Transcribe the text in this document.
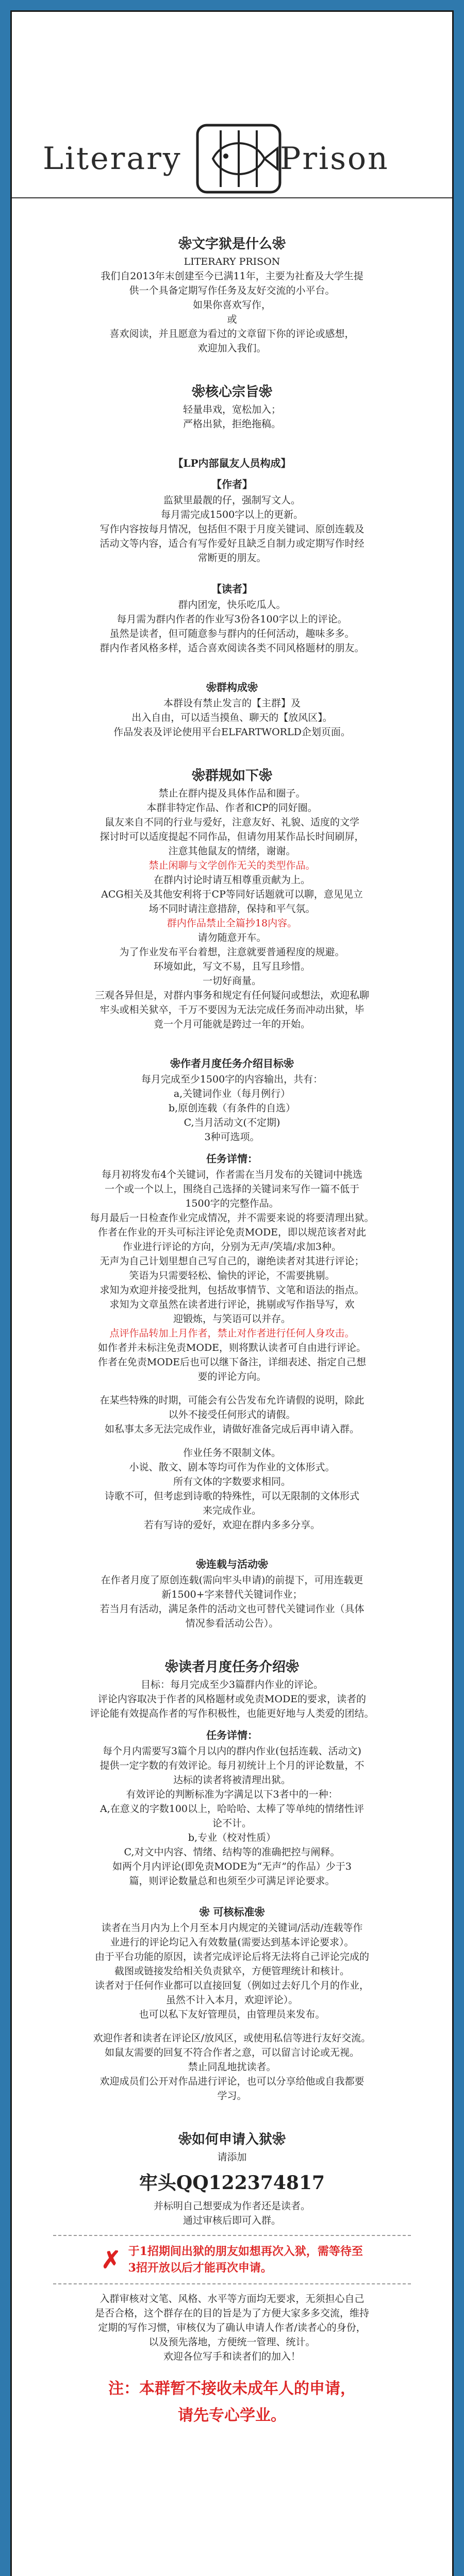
Literary	Prison
❀文字狱是什么❀
LITERARY PRISON
我们自2013年末创建至今已满11年，主要为社畜及大学生提
供一个具备定期写作任务及友好交流的小平台。
如果你喜欢写作，
或
喜欢阅读，并且愿意为看过的文章留下你的评论或感想，
欢迎加入我们。
❀核心宗旨❀
轻量串戏，宽松加入；
严格出狱，拒绝拖稿。
【LP内部鼠友人员构成】
【作者】
监狱里最靓的仔，强制写文人。
每月需完成1500字以上的更新。
写作内容按每月情况，包括但不限于月度关键词、原创连载及
活动文等内容，适合有写作爱好且缺乏自制力或定期写作时经
常断更的朋友。
【读者】
群内团宠，快乐吃瓜人。
每月需为群内作者的作业写3份各100字以上的评论。
虽然是读者，但可随意参与群内的任何活动，趣味多多。
群内作者风格多样，适合喜欢阅读各类不同风格题材的朋友。
❀群构成❀
本群设有禁止发言的【主群】及
出入自由，可以适当摸鱼、聊天的【放风区】。
作品发表及评论使用平台ELFARTWORLD企划页面。
❀群规如下❀
禁止在群内提及具体作品和圈子。
本群非特定作品、作者和CP的同好圈。
鼠友来自不同的行业与爱好，注意友好、礼貌、适度的文学
探讨时可以适度提起不同作品，但请勿用某作品长时间刷屏，
注意其他鼠友的情绪，谢谢。
禁止闲聊与文学创作无关的类型作品。
在群内讨论时请互相尊重贡献为上。
ACG相关及其他安利将于CP等同好话题就可以聊，意见见立
场不同时请注意措辞，保持和平气氛。
群内作品禁止全篇抄18内容。
请勿随意开车。
为了作业发布平台着想，注意就要普通程度的规避。
环境如此，写文不易，且写且珍惜。
一切好商量。
三观各异但是，对群内事务和规定有任何疑问或想法，欢迎私聊
牢头或相关狱卒，千万不要因为无法完成任务而冲动出狱，毕
竟一个月可能就是跨过一年的开始。
❀作者月度任务介绍目标❀
每月完成至少1500字的内容输出，共有：
a,关键词作业（每月例行）
b,原创连载（有条件的自选）
C,当月活动文(不定期)
3种可选项。
任务详情：
每月初将发布4个关键词，作者需在当月发布的关键词中挑选
一个或一个以上，围绕自己选择的关键词来写作一篇不低于
1500字的完整作品。
每月最后一日检查作业完成情况，并不需要来说的将要清理出狱。
作者在作业的开头可标注评论免责MODE，即以规范该者对此
作业进行评论的方向，分别为无声/笑墙/求加3种。
无声为自己计划里想自己写自己的，谢绝读者对其进行评论；
笑语为只需要轻松、愉快的评论，不需要挑剔。
求知为欢迎并接受批判，包括故事情节、文笔和语法的指点。
求知为文章虽然在读者进行评论，挑剔或写作指导写，欢
迎锻炼，与笑语可以并存。
点评作品转加上月作者，禁止对作者进行任何人身攻击。
如作者并未标注免责MODE，则将默认读者可自由进行评论。
作者在免责MODE后也可以继下备注，详细表述、指定自己想
要的评论方向。
在某些特殊的时期，可能会有公告发布允许请假的说明，除此
以外不接受任何形式的请假。
如私事太多无法完成作业，请做好准备完成后再申请入群。
作业任务不限制文体。
小说、散文、剧本等均可作为作业的文体形式。
所有文体的字数要求相同。
诗歌不可，但考虑到诗歌的特殊性，可以无限制的文体形式
来完成作业。
若有写诗的爱好，欢迎在群内多多分享。
❀连载与活动❀
在作者月度了原创连载(需向牢头申请)的前提下，可用连载更
新1500+字来替代关键词作业；
若当月有活动，满足条件的活动文也可替代关键词作业（具体
情况参看活动公告）。
❀读者月度任务介绍❀
目标：每月完成至少3篇群内作业的评论。
评论内容取决于作者的风格题材或免责MODE的要求，读者的
评论能有效提高作者的写作积极性，也能更好地与人类爱的团结。
任务详情：
每个月内需要写3篇个月以内的群内作业(包括连载、活动文)
提供一定字数的有效评论。每月初统计上个月的评论数量，不
达标的读者将被清理出狱。
有效评论的判断标准为字满足以下3者中的一种：
A,在意义的字数100以上，哈哈哈、太棒了等单纯的情绪性评
论不计。
b,专业（校对性质）
C,对文中内容、情绪、结构等的准确把控与阐释。
如两个月内评论(即免责MODE为“无声”的作品）少于3
篇，则评论数量总和也须至少可满足评论要求。
❀ 可核标准❀
读者在当月内为上个月至本月内规定的关键词/活动/连载等作
业进行的评论均记入有效数量(需要达到基本评论要求）。
由于平台功能的原因，读者完成评论后将无法将自己评论完成的
截图或链接发给相关负责狱卒，方便管理统计和核计。
读者对于任何作业都可以直接回复（例如过去好几个月的作业，
虽然不计入本月，欢迎评论）。
也可以私下友好管理员，由管理员来发布。
欢迎作者和读者在评论区/放风区，或使用私信等进行友好交流。
如鼠友需要的回复不符合作者之意，可以留言讨论或无视。
禁止同乱地扰读者。
欢迎成员们公开对作品进行评论，也可以分享给他或自我都要
学习。
❀如何申请入狱❀
请添加
牢头QQ122374817
并标明自己想要成为作者还是读者。
通过审核后即可入群。
✗ 于1招期间出狱的朋友如想再次入狱，需等待至
3招开放以后才能再次申请。
入群审核对文笔、风格、水平等方面均无要求，无须担心自己
是否合格，这个群存在的目的旨是为了方便大家多多交流，维持
定期的写作习惯，审核仅为了确认申请人作者/读者心的身份，
以及预先落地，方便统一管理、统计。
欢迎各位写手和读者们的加入！
注：本群暂不接收未成年人的申请，
请先专心学业。
